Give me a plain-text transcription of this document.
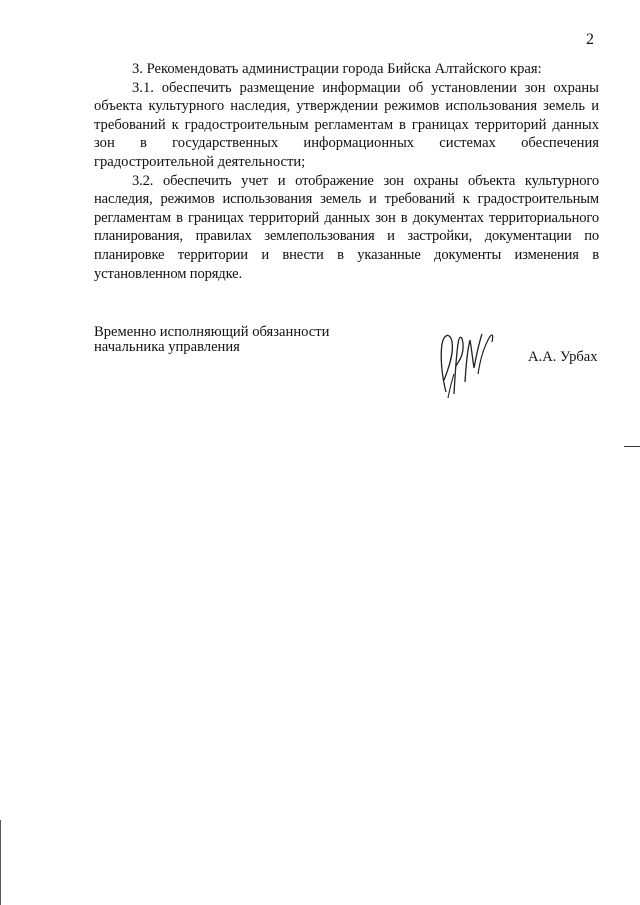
2

3. Рекомендовать администрации города Бийска Алтайского края:

3.1. обеспечить размещение информации об установлении зон охраны объекта культурного наследия, утверждении режимов использования земель и требований к градостроительным регламентам в границах территорий данных зон в государственных информационных системах обеспечения градостроительной деятельности;

3.2. обеспечить учет и отображение зон охраны объекта культурного наследия, режимов использования земель и требований к градостроительным регламентам в границах территорий данных зон в документах территориального планирования, правилах землепользования и застройки, документации по планировке территории и внести в указанные документы изменения в установленном порядке.

Временно исполняющий обязанности
начальника управления
А.А. Урбах
